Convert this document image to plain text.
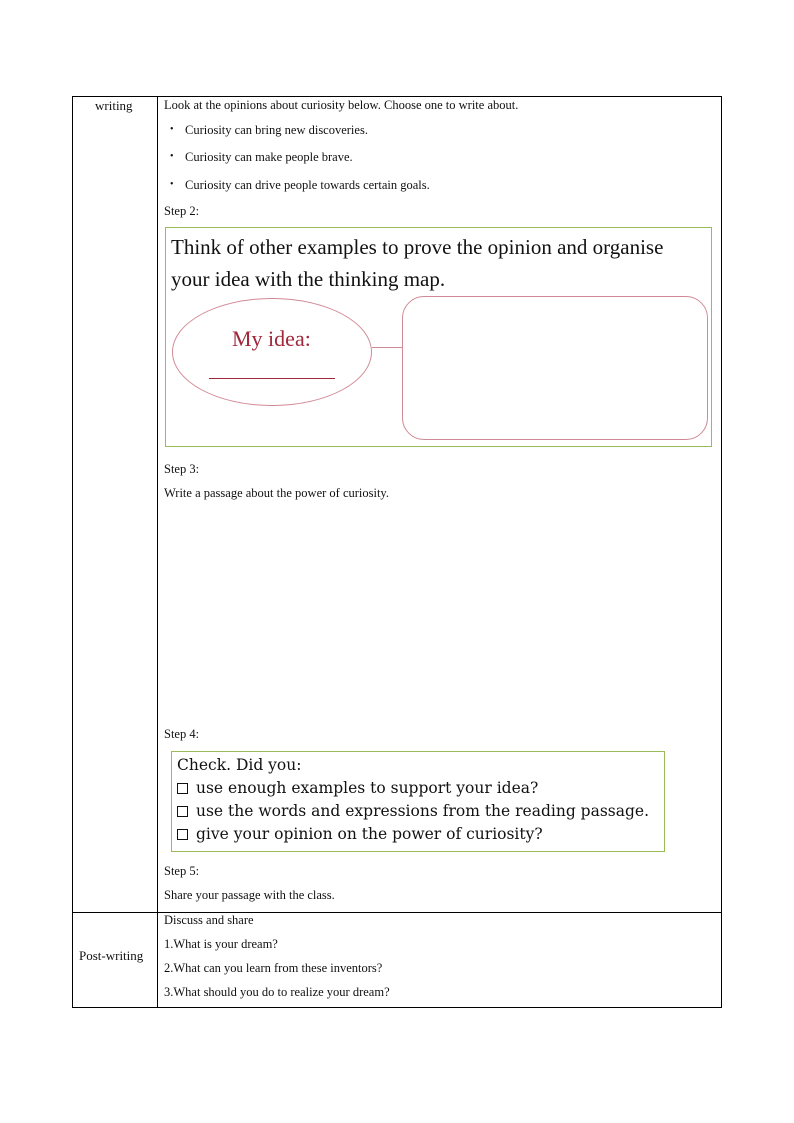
writing	Look at the opinions about curiosity below. Choose one to write about.
• Curiosity can bring new discoveries.
• Curiosity can make people brave.
• Curiosity can drive people towards certain goals.
Step 2:
Think of other examples to prove the opinion and organise
your idea with the thinking map.
My idea:
Step 3:
Write a passage about the power of curiosity.
Step 4:
Check. Did you:
use enough examples to support your idea?
use the words and expressions from the reading passage.
give your opinion on the power of curiosity?
Step 5:
Share your passage with the class.
Post-writing
Discuss and share
1.What is your dream?
2.What can you learn from these inventors?
3.What should you do to realize your dream?
